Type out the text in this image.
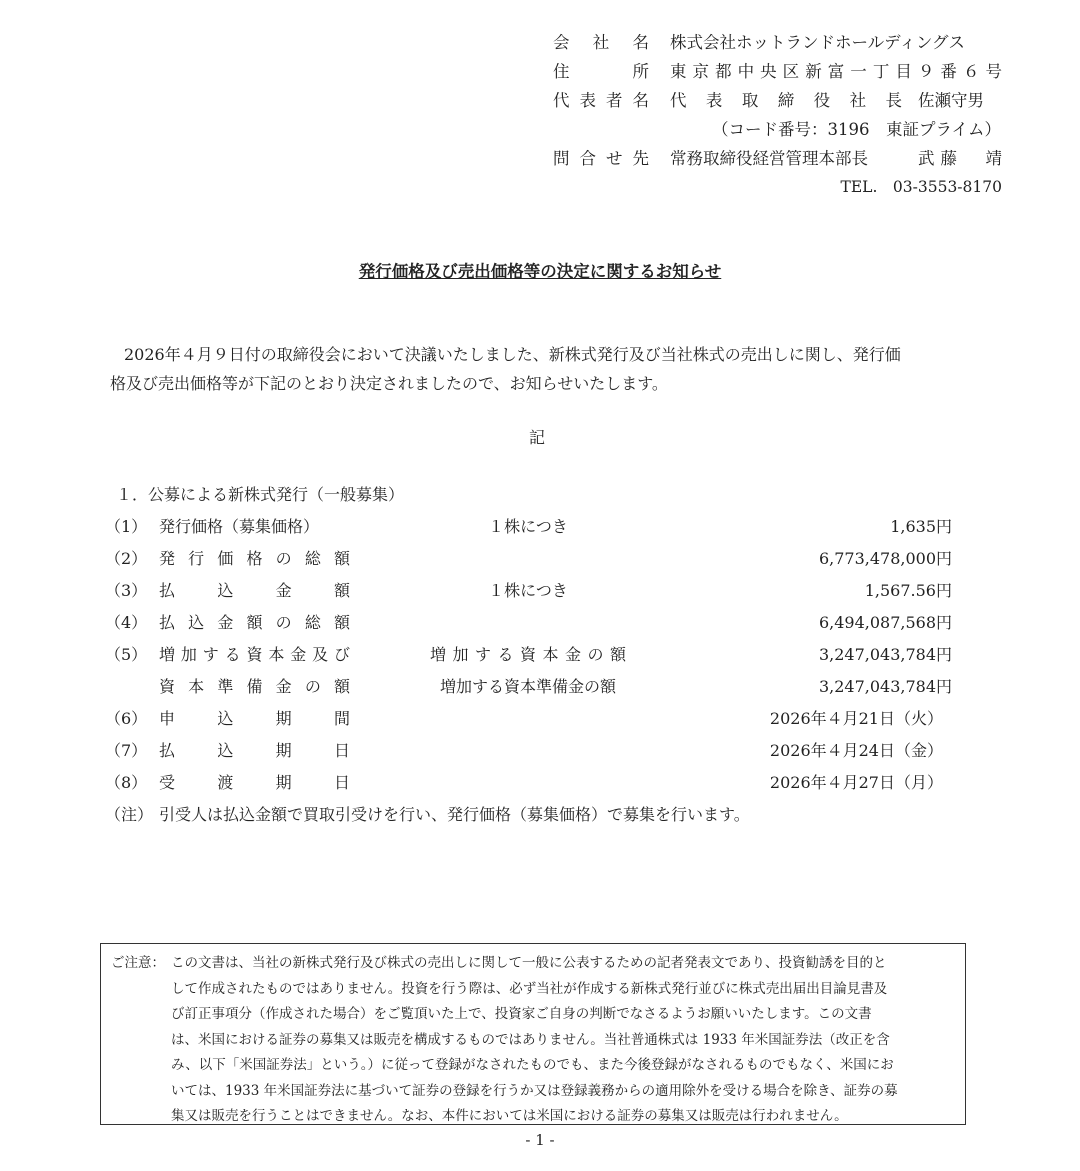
会社名 株式会社ホットランドホールディングス
住所 東京都中央区新富一丁目９番６号
代表者名 代表取締役社長 佐瀬守男
（コード番号：3196　東証プライム）
問合せ先 常務取締役経営管理本部長	武藤　靖
TEL.　03-3553-8170
発行価格及び売出価格等の決定に関するお知らせ
2026年４月９日付の取締役会において決議いたしました、新株式発行及び当社株式の売出しに関し、発行価
格及び売出価格等が下記のとおり決定されましたので、お知らせいたします。
記
１．公募による新株式発行（一般募集）
（1） 発行価格（募集価格）	１株につき	1,635円
（2） 発行価格の総額	6,773,478,000円
（3） 払込金額	１株につき	1,567.56円
（4） 払込金額の総額	6,494,087,568円
（5） 増加する資本金及び	増加する資本金の額	3,247,043,784円
資本準備金の額	増加する資本準備金の額	3,247,043,784円
（6） 申込期間	2026年４月21日（火）
（7） 払込期日	2026年４月24日（金）
（8） 受渡期日	2026年４月27日（月）
（注） 引受人は払込金額で買取引受けを行い、発行価格（募集価格）で募集を行います。
ご注意： この文書は、当社の新株式発行及び株式の売出しに関して一般に公表するための記者発表文であり、投資勧誘を目的と
して作成されたものではありません。投資を行う際は、必ず当社が作成する新株式発行並びに株式売出届出目論見書及
び訂正事項分（作成された場合）をご覧頂いた上で、投資家ご自身の判断でなさるようお願いいたします。この文書
は、米国における証券の募集又は販売を構成するものではありません。当社普通株式は 1933 年米国証券法（改正を含
み、以下「米国証券法」という。）に従って登録がなされたものでも、また今後登録がなされるものでもなく、米国にお
いては、1933 年米国証券法に基づいて証券の登録を行うか又は登録義務からの適用除外を受ける場合を除き、証券の募
集又は販売を行うことはできません。なお、本件においては米国における証券の募集又は販売は行われません。
- 1 -
